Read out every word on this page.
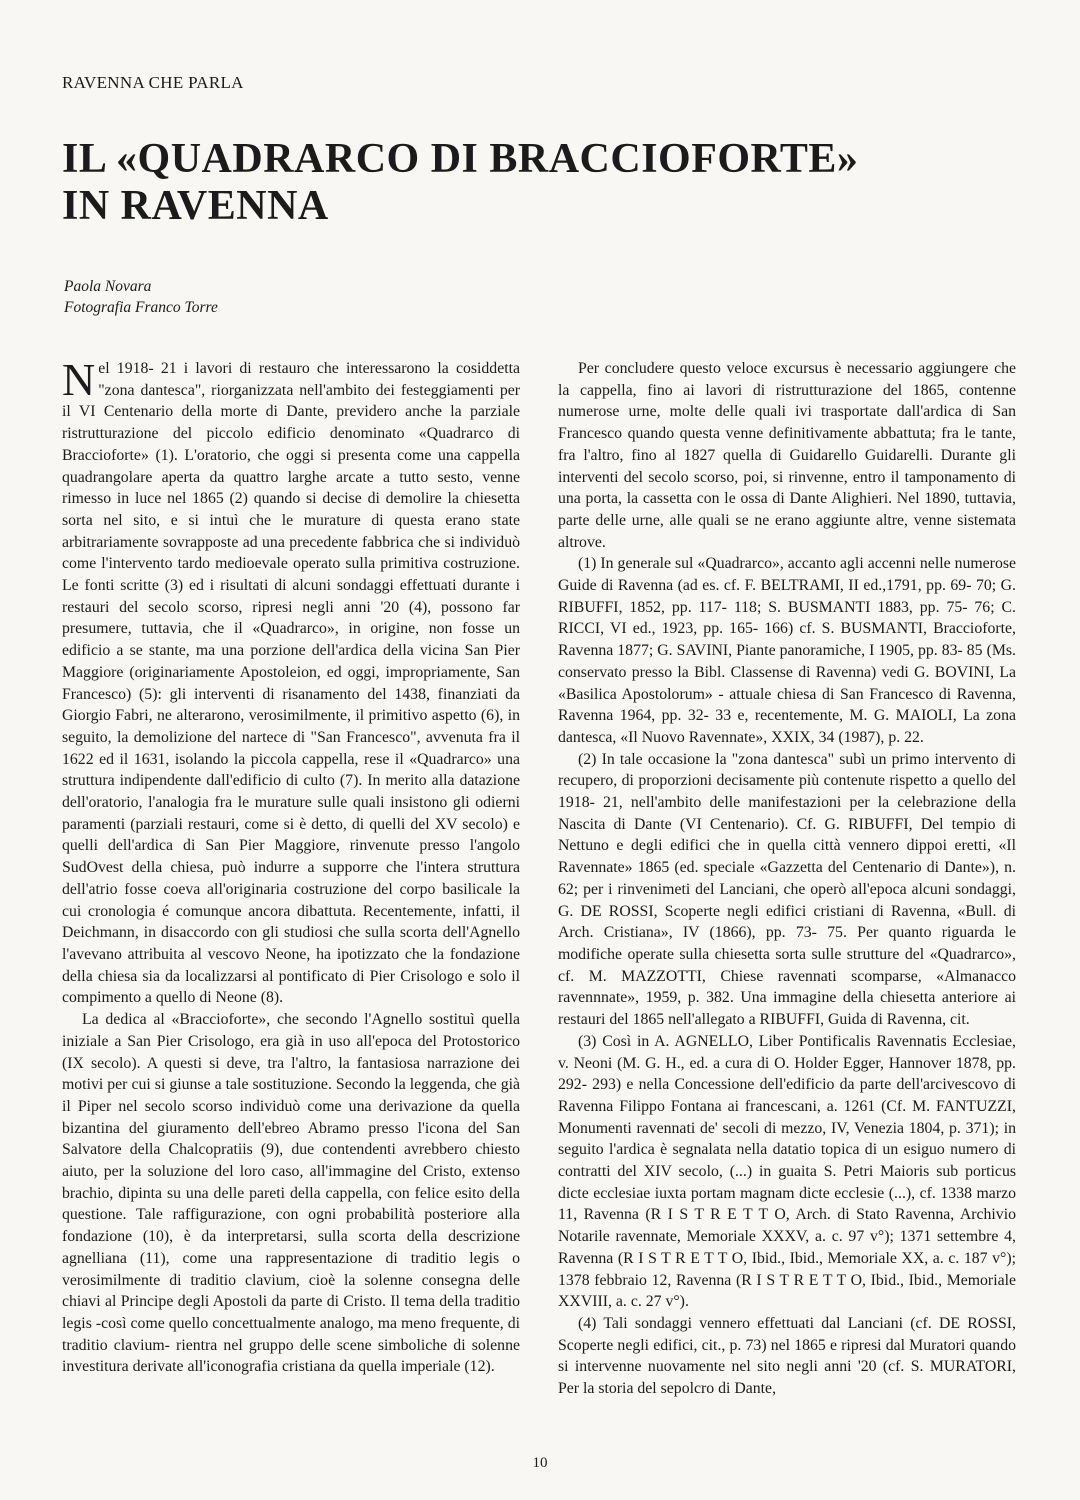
RAVENNA CHE PARLA
IL «QUADRARCO DI BRACCIOFORTE»
IN RAVENNA
Paola Novara
Fotografia Franco Torre

Nel 1918- 21 i lavori di restauro che interessarono la cosiddetta "zona dantesca", riorganizzata nell'ambito dei festeggiamenti per il VI Centenario della morte di Dante, previdero anche la parziale ristrutturazione del piccolo edificio denominato «Quadrarco di Braccioforte» (1). L'oratorio, che oggi si presenta come una cappella quadrangolare aperta da quattro larghe arcate a tutto sesto, venne rimesso in luce nel 1865 (2) quando si decise di demolire la chiesetta sorta nel sito, e si intuì che le murature di questa erano state arbitrariamente sovrapposte ad una precedente fabbrica che si individuò come l'intervento tardo medioevale operato sulla primitiva costruzione. Le fonti scritte (3) ed i risultati di alcuni sondaggi effettuati durante i restauri del secolo scorso, ripresi negli anni '20 (4), possono far presumere, tuttavia, che il «Quadrarco», in origine, non fosse un edificio a se stante, ma una porzione dell'ardica della vicina San Pier Maggiore (originariamente Apostoleion, ed oggi, impropriamente, San Francesco) (5): gli interventi di risanamento del 1438, finanziati da Giorgio Fabri, ne alterarono, verosimilmente, il primitivo aspetto (6), in seguito, la demolizione del nartece di "San Francesco", avvenuta fra il 1622 ed il 1631, isolando la piccola cappella, rese il «Quadrarco» una struttura indipendente dall'edificio di culto (7). In merito alla datazione dell'oratorio, l'analogia fra le murature sulle quali insistono gli odierni paramenti (parziali restauri, come si è detto, di quelli del XV secolo) e quelli dell'ardica di San Pier Maggiore, rinvenute presso l'angolo SudOvest della chiesa, può indurre a supporre che l'intera struttura dell'atrio fosse coeva all'originaria costruzione del corpo basilicale la cui cronologia é comunque ancora dibattuta. Recentemente, infatti, il Deichmann, in disaccordo con gli studiosi che sulla scorta dell'Agnello l'avevano attribuita al vescovo Neone, ha ipotizzato che la fondazione della chiesa sia da localizzarsi al pontificato di Pier Crisologo e solo il compimento a quello di Neone (8).

La dedica al «Braccioforte», che secondo l'Agnello sostituì quella iniziale a San Pier Crisologo, era già in uso all'epoca del Protostorico (IX secolo). A questi si deve, tra l'altro, la fantasiosa narrazione dei motivi per cui si giunse a tale sostituzione. Secondo la leggenda, che già il Piper nel secolo scorso individuò come una derivazione da quella bizantina del giuramento dell'ebreo Abramo presso l'icona del San Salvatore della Chalcopratiis (9), due contendenti avrebbero chiesto aiuto, per la soluzione del loro caso, all'immagine del Cristo, extenso brachio, dipinta su una delle pareti della cappella, con felice esito della questione. Tale raffigurazione, con ogni probabilità posteriore alla fondazione (10), è da interpretarsi, sulla scorta della descrizione agnelliana (11), come una rappresentazione di traditio legis o verosimilmente di traditio clavium, cioè la solenne consegna delle chiavi al Principe degli Apostoli da parte di Cristo. Il tema della traditio legis -così come quello concettualmente analogo, ma meno frequente, di traditio clavium- rientra nel gruppo delle scene simboliche di solenne investitura derivate all'iconografia cristiana da quella imperiale (12).

Per concludere questo veloce excursus è necessario aggiungere che la cappella, fino ai lavori di ristrutturazione del 1865, contenne numerose urne, molte delle quali ivi trasportate dall'ardica di San Francesco quando questa venne definitivamente abbattuta; fra le tante, fra l'altro, fino al 1827 quella di Guidarello Guidarelli. Durante gli interventi del secolo scorso, poi, si rinvenne, entro il tamponamento di una porta, la cassetta con le ossa di Dante Alighieri. Nel 1890, tuttavia, parte delle urne, alle quali se ne erano aggiunte altre, venne sistemata altrove.

(1) In generale sul «Quadrarco», accanto agli accenni nelle numerose Guide di Ravenna (ad es. cf. F. BELTRAMI, II ed.,1791, pp. 69- 70; G. RIBUFFI, 1852, pp. 117- 118; S. BUSMANTI 1883, pp. 75- 76; C. RICCI, VI ed., 1923, pp. 165- 166) cf. S. BUSMANTI, Braccioforte, Ravenna 1877; G. SAVINI, Piante panoramiche, I 1905, pp. 83- 85 (Ms. conservato presso la Bibl. Classense di Ravenna) vedi G. BOVINI, La «Basilica Apostolorum» - attuale chiesa di San Francesco di Ravenna, Ravenna 1964, pp. 32- 33 e, recentemente, M. G. MAIOLI, La zona dantesca, «Il Nuovo Ravennate», XXIX, 34 (1987), p. 22.

(2) In tale occasione la "zona dantesca" subì un primo intervento di recupero, di proporzioni decisamente più contenute rispetto a quello del 1918- 21, nell'ambito delle manifestazioni per la celebrazione della Nascita di Dante (VI Centenario). Cf. G. RIBUFFI, Del tempio di Nettuno e degli edifici che in quella città vennero dippoi eretti, «Il Ravennate» 1865 (ed. speciale «Gazzetta del Centenario di Dante»), n. 62; per i rinvenimeti del Lanciani, che operò all'epoca alcuni sondaggi, G. DE ROSSI, Scoperte negli edifici cristiani di Ravenna, «Bull. di Arch. Cristiana», IV (1866), pp. 73- 75. Per quanto riguarda le modifiche operate sulla chiesetta sorta sulle strutture del «Quadrarco», cf. M. MAZZOTTI, Chiese ravennati scomparse, «Almanacco ravennnate», 1959, p. 382. Una immagine della chiesetta anteriore ai restauri del 1865 nell'allegato a RIBUFFI, Guida di Ravenna, cit.

(3) Così in A. AGNELLO, Liber Pontificalis Ravennatis Ecclesiae, v. Neoni (M. G. H., ed. a cura di O. Holder Egger, Hannover 1878, pp. 292- 293) e nella Concessione dell'edificio da parte dell'arcivescovo di Ravenna Filippo Fontana ai francescani, a. 1261 (Cf. M. FANTUZZI, Monumenti ravennati de' secoli di mezzo, IV, Venezia 1804, p. 371); in seguito l'ardica è segnalata nella datatio topica di un esiguo numero di contratti del XIV secolo, (...) in guaita S. Petri Maioris sub porticus dicte ecclesiae iuxta portam magnam dicte ecclesie (...), cf. 1338 marzo 11, Ravenna (R I S T R E T T O, Arch. di Stato Ravenna, Archivio Notarile ravennate, Memoriale XXXV, a. c. 97 v°); 1371 settembre 4, Ravenna (R I S T R E T T O, Ibid., Ibid., Memoriale XX, a. c. 187 v°); 1378 febbraio 12, Ravenna (R I S T R E T T O, Ibid., Ibid., Memoriale XXVIII, a. c. 27 v°).

(4) Tali sondaggi vennero effettuati dal Lanciani (cf. DE ROSSI, Scoperte negli edifici, cit., p. 73) nel 1865 e ripresi dal Muratori quando si intervenne nuovamente nel sito negli anni '20 (cf. S. MURATORI, Per la storia del sepolcro di Dante,

10
